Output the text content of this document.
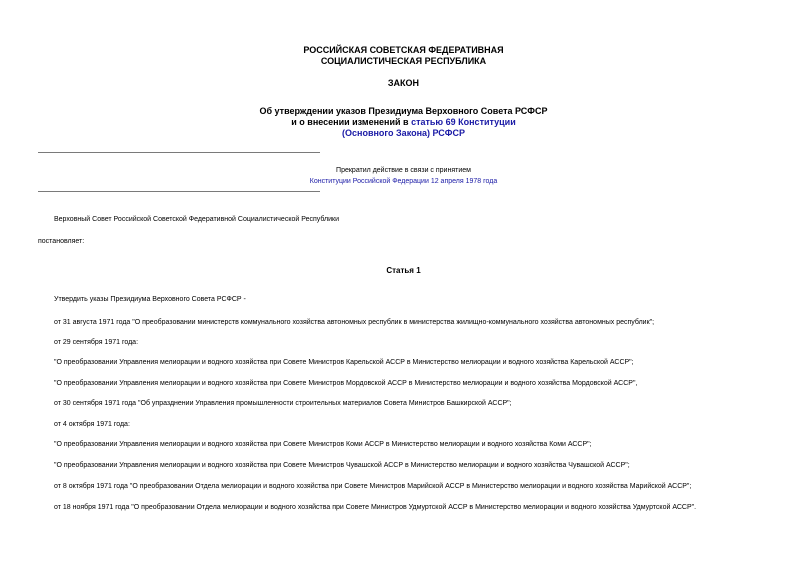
РОССИЙСКАЯ СОВЕТСКАЯ ФЕДЕРАТИВНАЯ
СОЦИАЛИСТИЧЕСКАЯ РЕСПУБЛИКА
ЗАКОН
Об утверждении указов Президиума Верховного Совета РСФСР
и о внесении изменений в статью 69 Конституции
(Основного Закона) РСФСР
Прекратил действие в связи с принятием
Конституции Российской Федерации 12 апреля 1978 года
Верховный Совет Российской Советской Федеративной Социалистической Республики
постановляет:
Статья 1
Утвердить указы Президиума Верховного Совета РСФСР -
от 31 августа 1971 года "О преобразовании министерств коммунального хозяйства автономных республик в министерства жилищно-коммунального хозяйства автономных республик";
от 29 сентября 1971 года:
"О преобразовании Управления мелиорации и водного хозяйства при Совете Министров Карельской АССР в Министерство мелиорации и водного хозяйства Карельской АССР";
"О преобразовании Управления мелиорации и водного хозяйства при Совете Министров Мордовской АССР в Министерство мелиорации и водного хозяйства Мордовской АССР",
от 30 сентября 1971 года "Об упразднении Управления промышленности строительных материалов Совета Министров Башкирской АССР";
от 4 октября 1971 года:
"О преобразовании Управления мелиорации и водного хозяйства при Совете Министров Коми АССР в Министерство мелиорации и водного хозяйства Коми АССР";
"О преобразовании Управления мелиорации и водного хозяйства при Совете Министров Чувашской АССР в Министерство мелиорации и водного хозяйства Чувашской АССР";
от 8 октября 1971 года "О преобразовании Отдела мелиорации и водного хозяйства при Совете Министров Марийской АССР в Министерство мелиорации и водного хозяйства Марийской АССР";
от 18 ноября 1971 года "О преобразовании Отдела мелиорации и водного хозяйства при Совете Министров Удмуртской АССР в Министерство мелиорации и водного хозяйства Удмуртской АССР".
